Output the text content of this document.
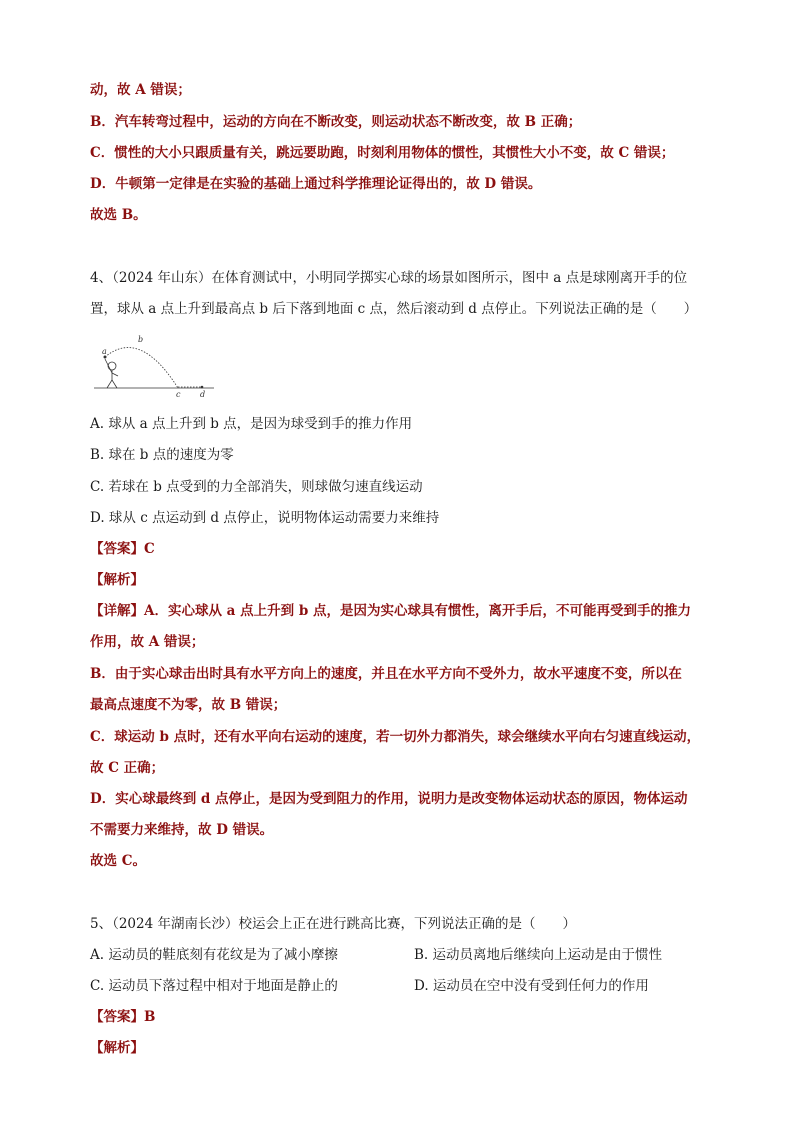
动，故 A 错误；
B．汽车转弯过程中，运动的方向在不断改变，则运动状态不断改变，故 B 正确；
C．惯性的大小只跟质量有关，跳远要助跑，时刻利用物体的惯性，其惯性大小不变，故 C 错误；
D．牛顿第一定律是在实验的基础上通过科学推理论证得出的，故 D 错误。
故选 B。
4、（2024 年山东）在体育测试中，小明同学掷实心球的场景如图所示，图中 a 点是球刚离开手的位
置，球从 a 点上升到最高点 b 后下落到地面 c 点，然后滚动到 d 点停止。下列说法正确的是（　　）
a
b
c d
A. 球从 a 点上升到 b 点，是因为球受到手的推力作用
B. 球在 b 点的速度为零
C. 若球在 b 点受到的力全部消失，则球做匀速直线运动
D. 球从 c 点运动到 d 点停止，说明物体运动需要力来维持
【答案】C
【解析】
【详解】A．实心球从 a 点上升到 b 点，是因为实心球具有惯性，离开手后，不可能再受到手的推力
作用，故 A 错误；
B．由于实心球击出时具有水平方向上的速度，并且在水平方向不受外力，故水平速度不变，所以在
最高点速度不为零，故 B 错误；
C．球运动 b 点时，还有水平向右运动的速度，若一切外力都消失，球会继续水平向右匀速直线运动，
故 C 正确；
D．实心球最终到 d 点停止，是因为受到阻力的作用，说明力是改变物体运动状态的原因，物体运动
不需要力来维持，故 D 错误。
故选 C。
5、（2024 年湖南长沙）校运会上正在进行跳高比赛，下列说法正确的是（　　）
A. 运动员的鞋底刻有花纹是为了减小摩擦	B. 运动员离地后继续向上运动是由于惯性
C. 运动员下落过程中相对于地面是静止的	D. 运动员在空中没有受到任何力的作用
【答案】B
【解析】
